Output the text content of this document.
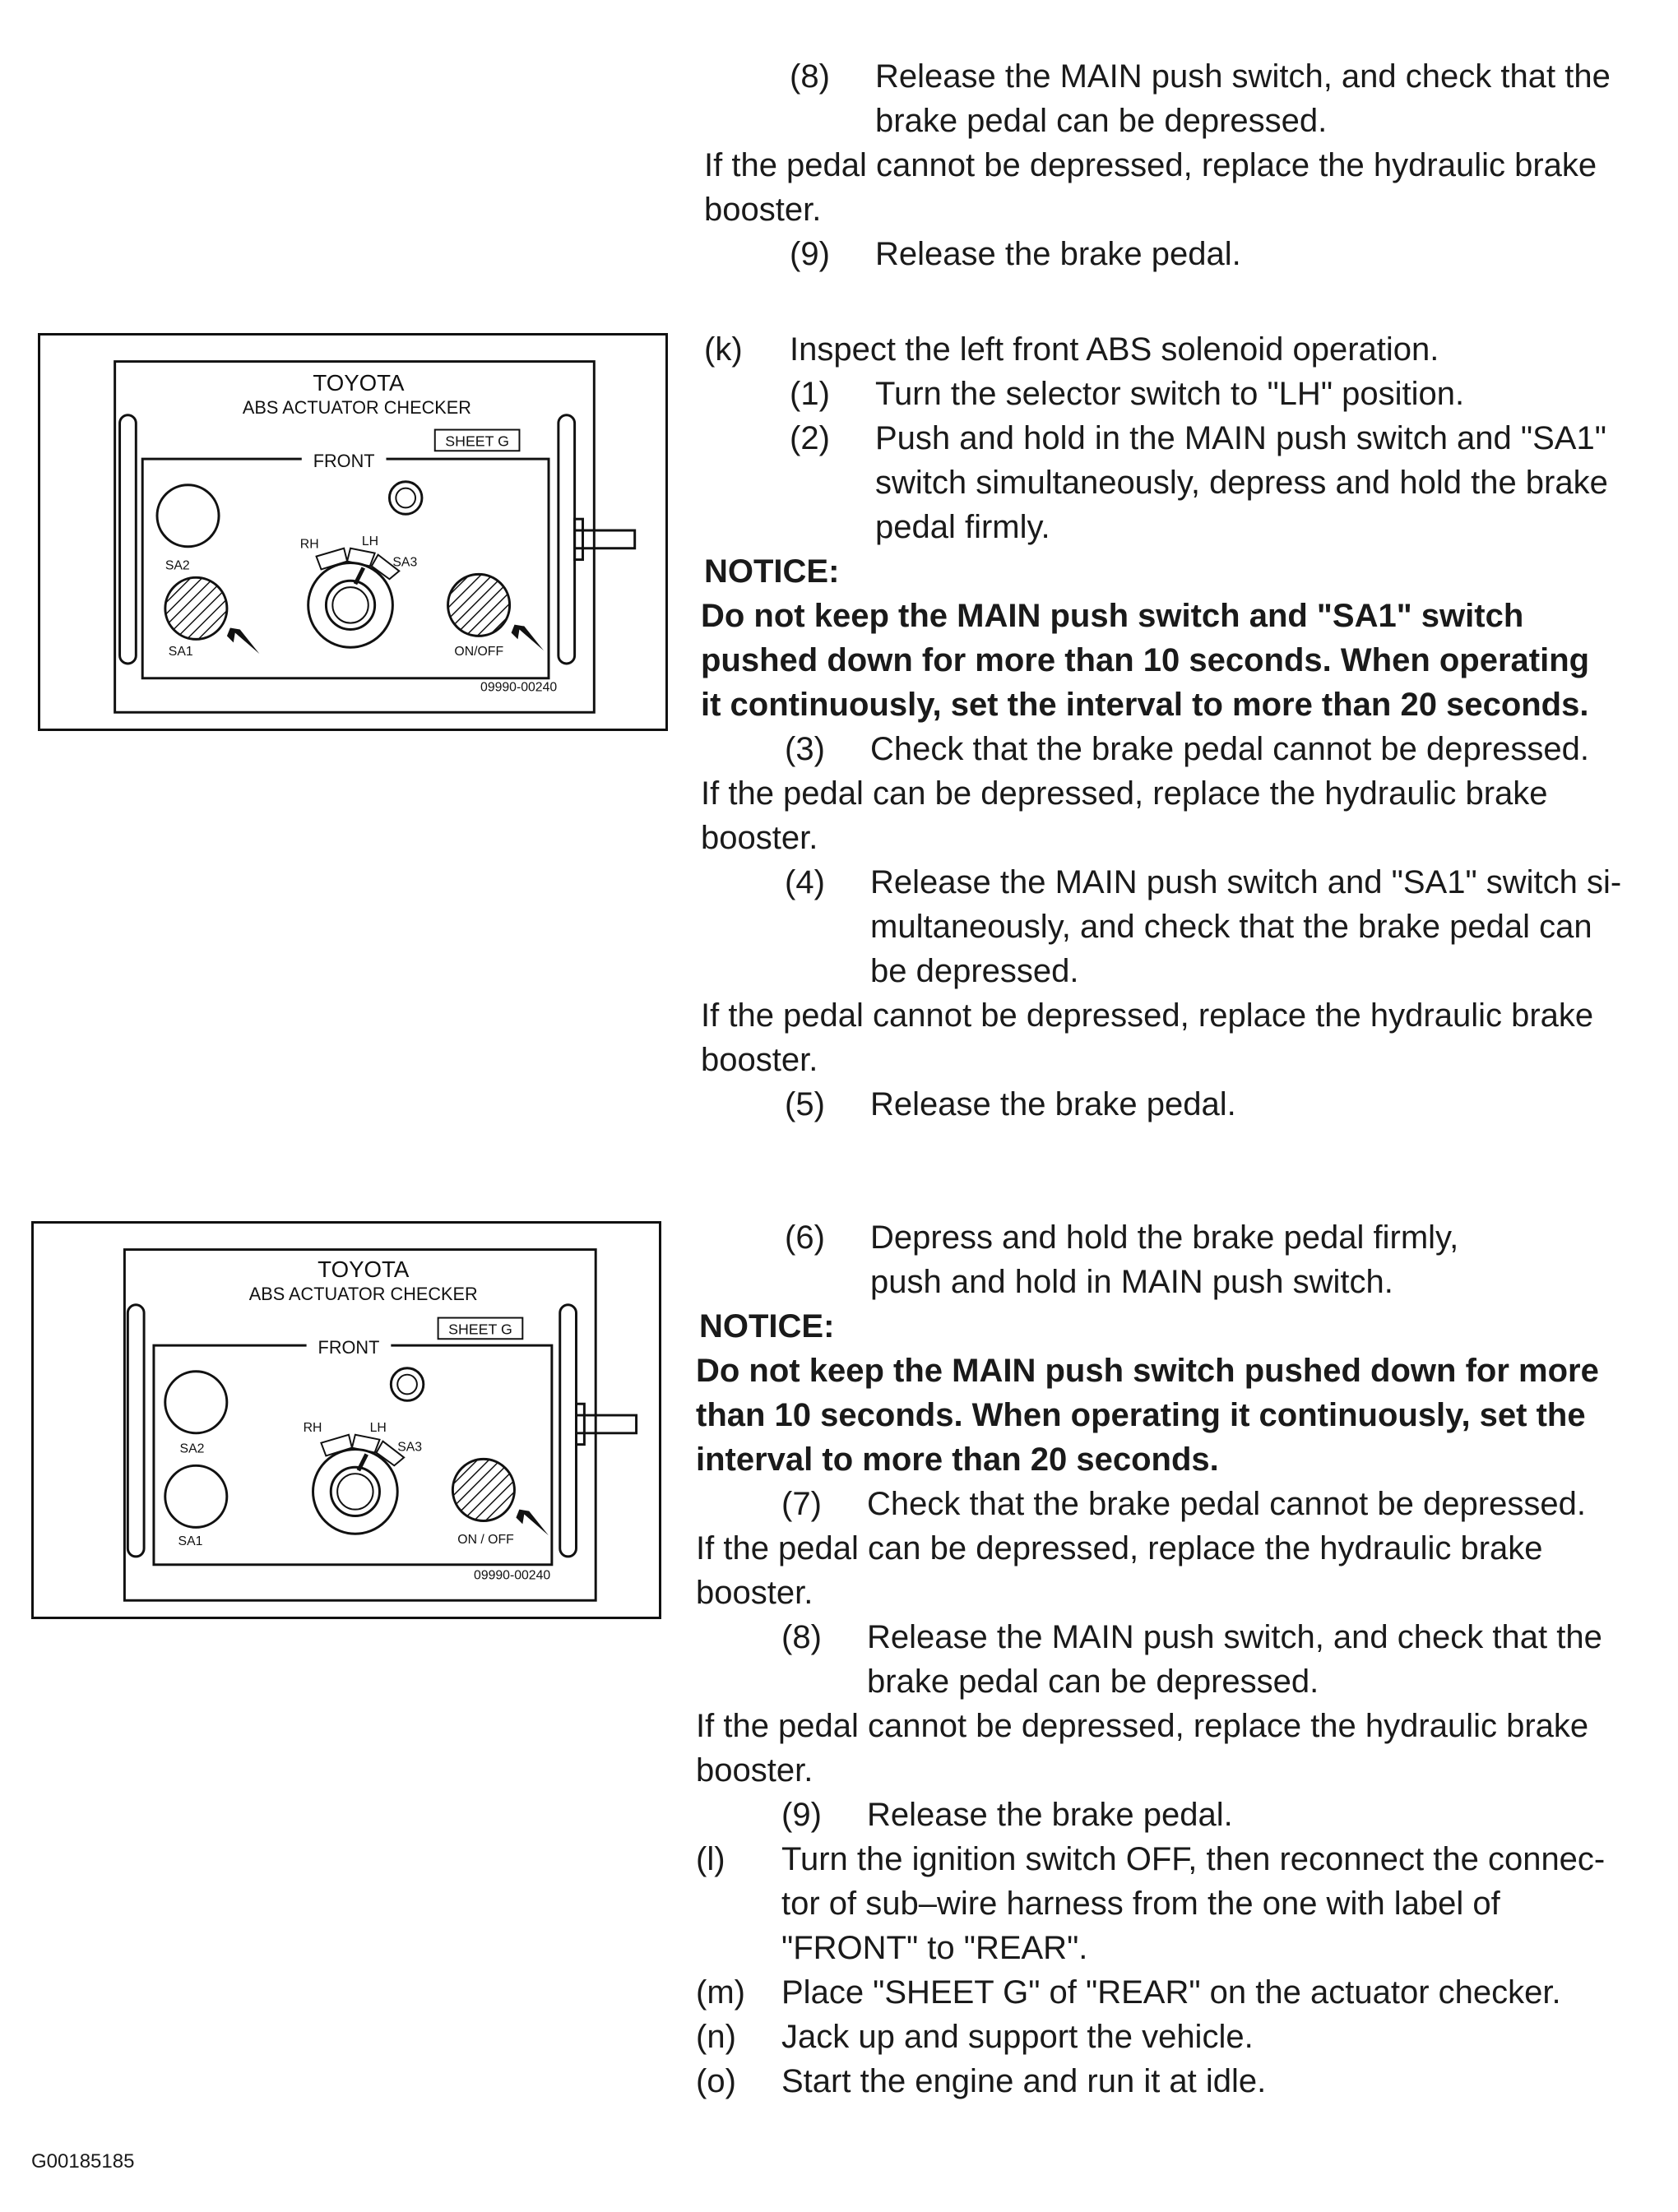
(8) Release the MAIN push switch, and check that the
brake pedal can be depressed.
If the pedal cannot be depressed, replace the hydraulic brake
booster.
(9) Release the brake pedal.
TOYOTA
ABS ACTUATOR CHECKER
SHEET G
FRONT
SA2
SA1
RH	LH
SA3
ON/OFF
09990-00240
(k) Inspect the left front ABS solenoid operation.
(1) Turn the selector switch to "LH" position.
(2) Push and hold in the MAIN push switch and "SA1"
switch simultaneously, depress and hold the brake
pedal firmly.
NOTICE:
Do not keep the MAIN push switch and "SA1" switch
pushed down for more than 10 seconds. When operating
it continuously, set the interval to more than 20 seconds.
(3) Check that the brake pedal cannot be depressed.
If the pedal can be depressed, replace the hydraulic brake
booster.
(4) Release the MAIN push switch and "SA1" switch si-
multaneously, and check that the brake pedal can
be depressed.
If the pedal cannot be depressed, replace the hydraulic brake
booster.
(5) Release the brake pedal.
TOYOTA
ABS ACTUATOR CHECKER
SHEET G
FRONT
SA2
SA1
RH	LH
SA3
ON / OFF
09990-00240
(6) Depress and hold the brake pedal firmly,
push and hold in MAIN push switch.
NOTICE:
Do not keep the MAIN push switch pushed down for more
than 10 seconds. When operating it continuously, set the
interval to more than 20 seconds.
(7) Check that the brake pedal cannot be depressed.
If the pedal can be depressed, replace the hydraulic brake
booster.
(8) Release the MAIN push switch, and check that the
brake pedal can be depressed.
If the pedal cannot be depressed, replace the hydraulic brake
booster.
(9) Release the brake pedal.
(l) Turn the ignition switch OFF, then reconnect the connec-
tor of sub–wire harness from the one with label of
"FRONT" to "REAR".
(m) Place "SHEET G" of "REAR" on the actuator checker.
(n) Jack up and support the vehicle.
(o) Start the engine and run it at idle.
G00185185
